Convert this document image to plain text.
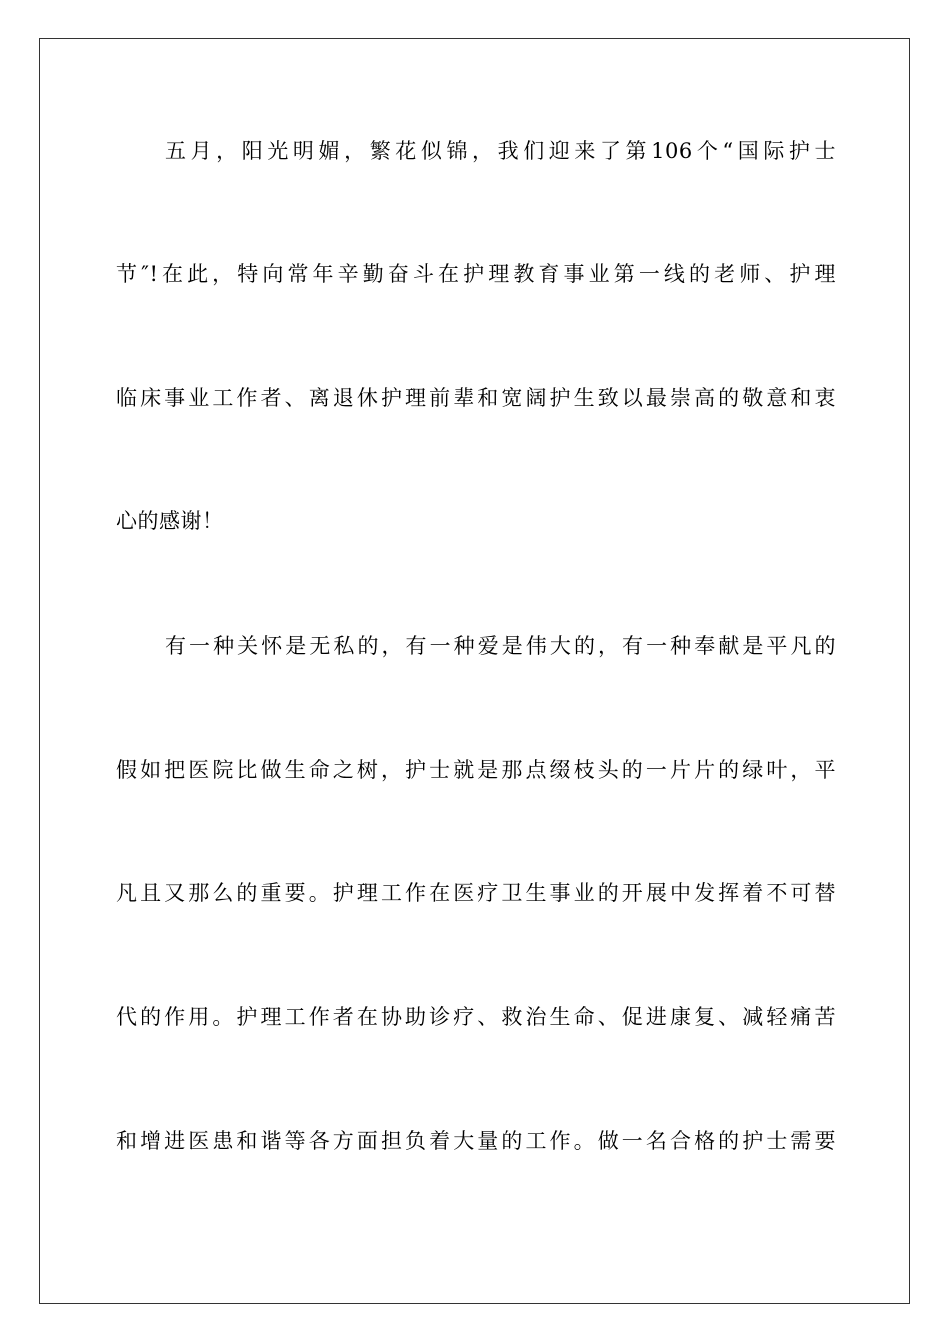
五月，阳光明媚，繁花似锦，我们迎来了第106个“国际护士
节″!在此，特向常年辛勤奋斗在护理教育事业第一线的老师、护理
临床事业工作者、离退休护理前辈和宽阔护生致以最崇高的敬意和衷
心的感谢！
有一种关怀是无私的，有一种爱是伟大的，有一种奉献是平凡的
假如把医院比做生命之树，护士就是那点缀枝头的一片片的绿叶，平
凡且又那么的重要。护理工作在医疗卫生事业的开展中发挥着不可替
代的作用。护理工作者在协助诊疗、救治生命、促进康复、减轻痛苦
和增进医患和谐等各方面担负着大量的工作。做一名合格的护士需要
